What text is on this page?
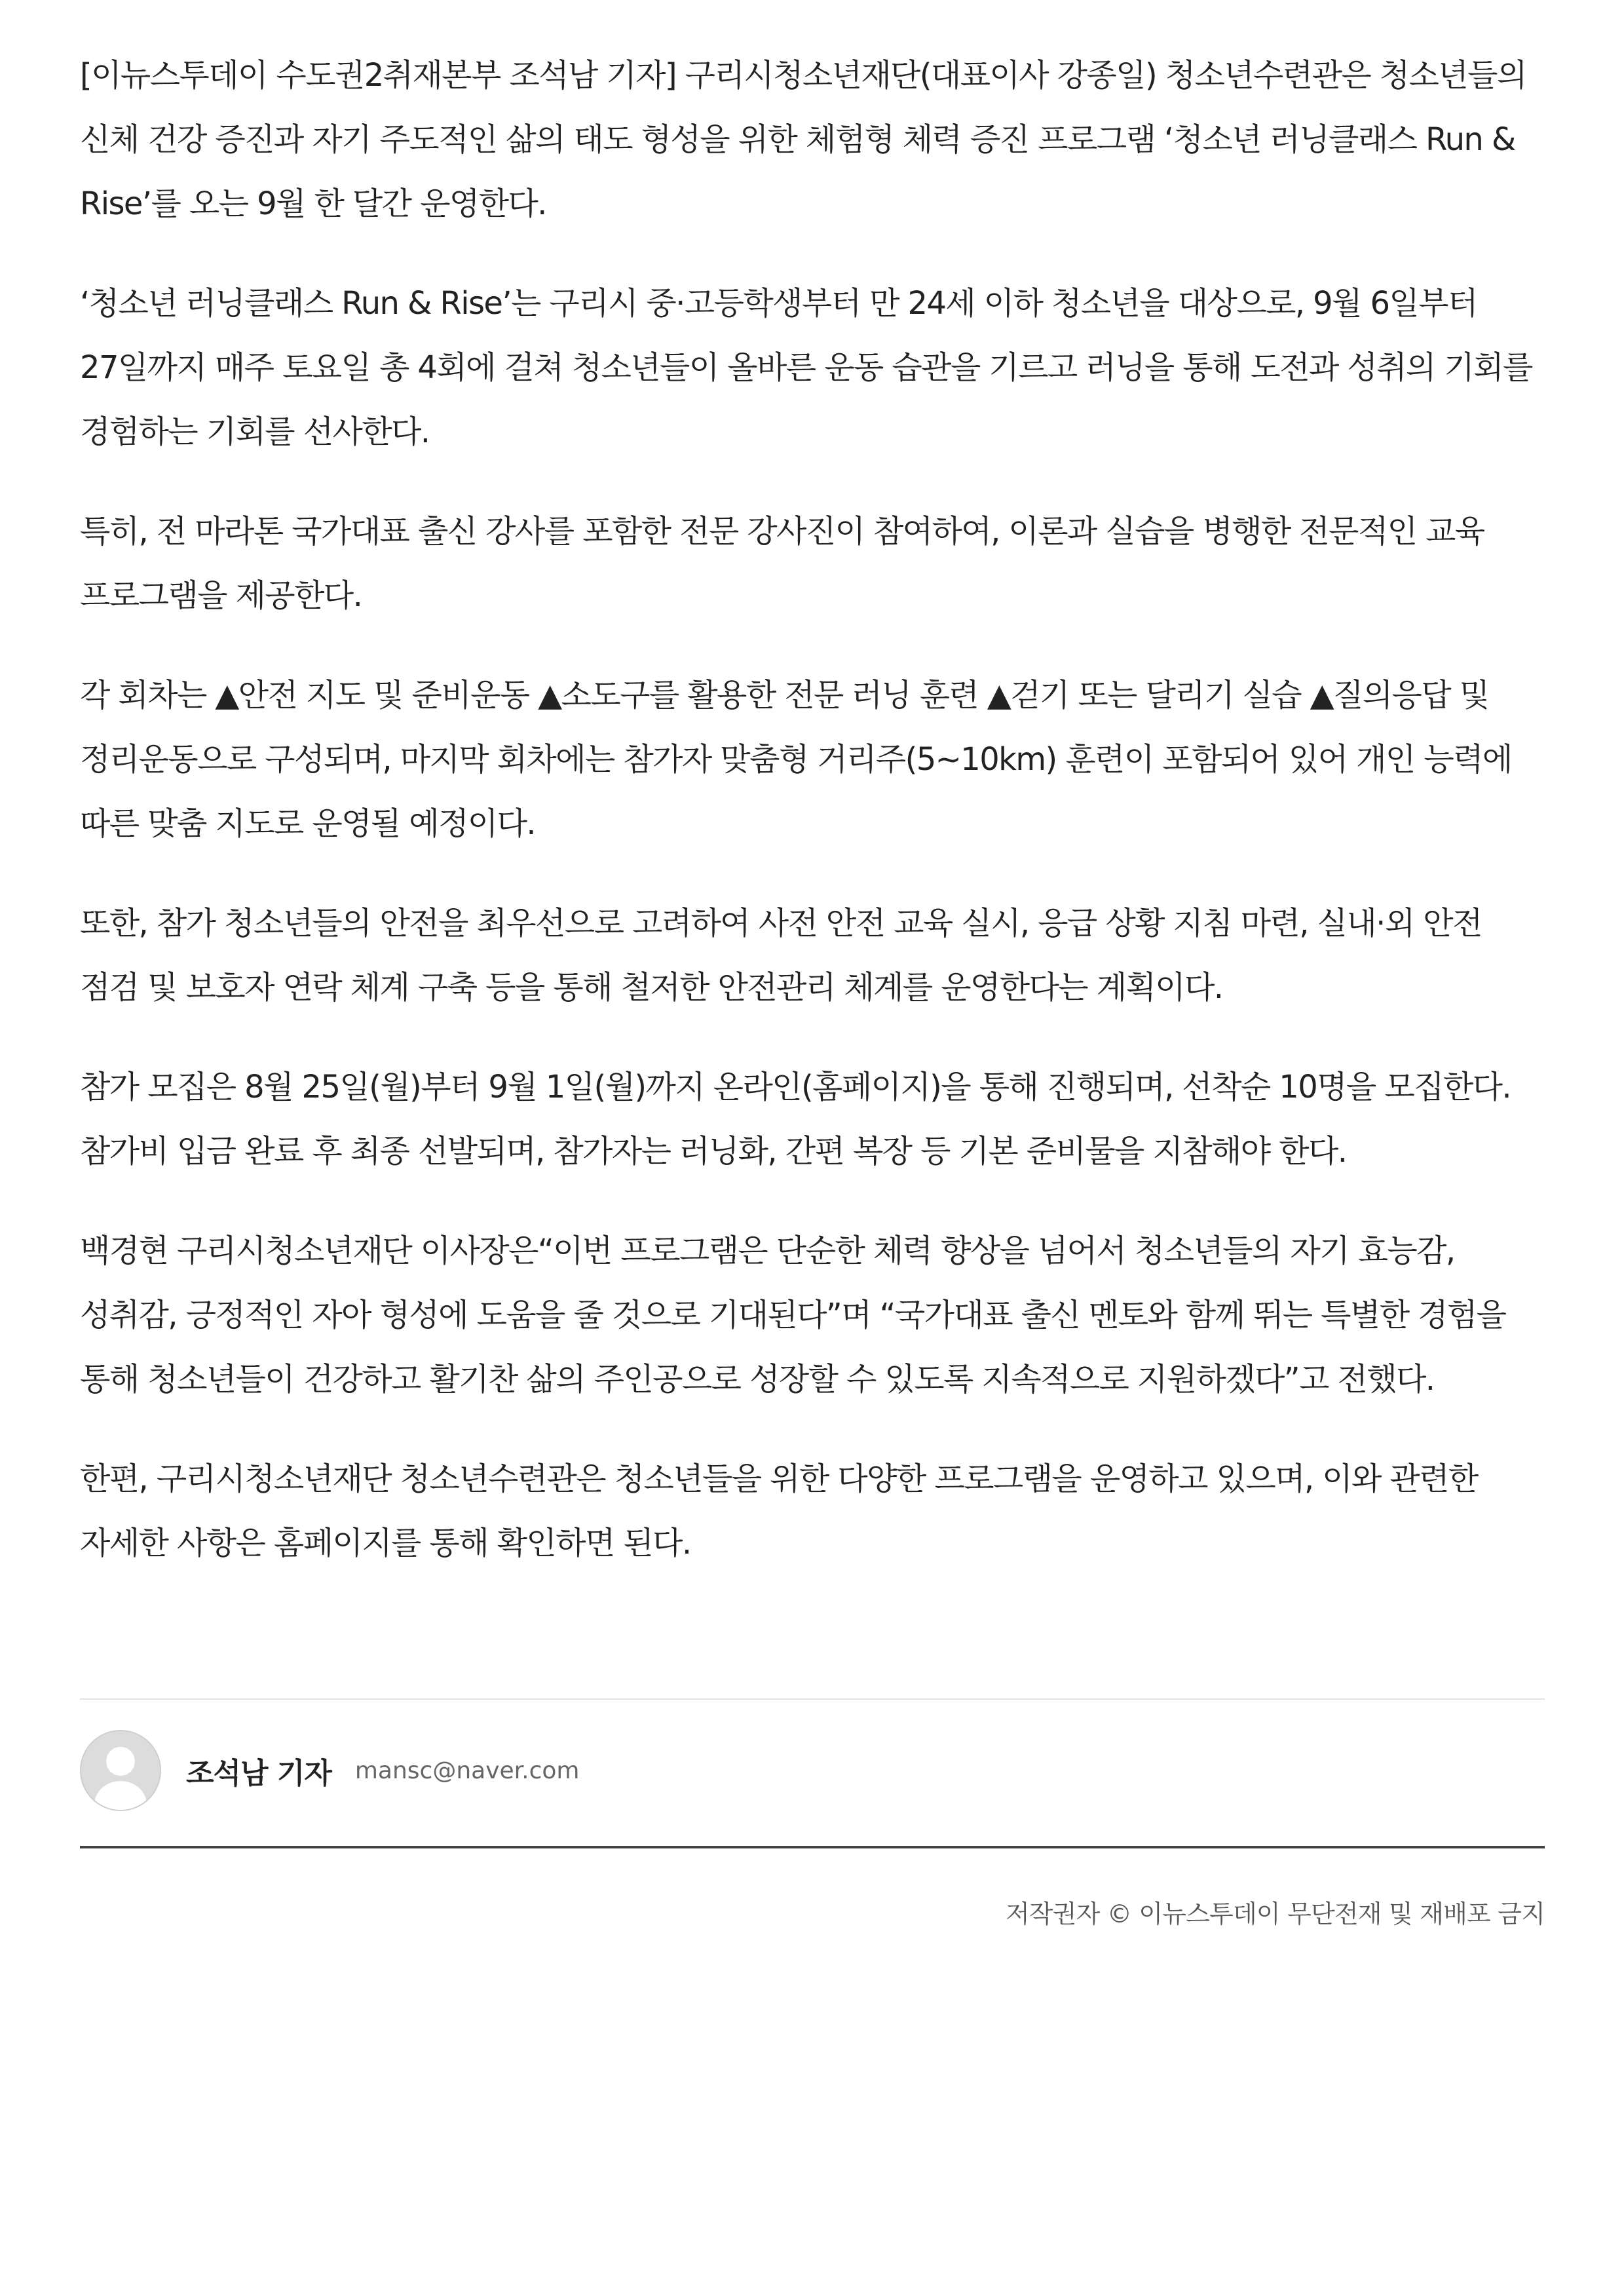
[이뉴스투데이 수도권2취재본부 조석남 기자] 구리시청소년재단(대표이사 강종일) 청소년수련관은 청소년들의 신체 건강 증진과 자기 주도적인 삶의 태도 형성을 위한 체험형 체력 증진 프로그램 ‘청소년 러닝클래스 Run & Rise’를 오는 9월 한 달간 운영한다.

‘청소년 러닝클래스 Run & Rise’는 구리시 중·고등학생부터 만 24세 이하 청소년을 대상으로, 9월 6일부터 27일까지 매주 토요일 총 4회에 걸쳐 청소년들이 올바른 운동 습관을 기르고 러닝을 통해 도전과 성취의 기회를 경험하는 기회를 선사한다.

특히, 전 마라톤 국가대표 출신 강사를 포함한 전문 강사진이 참여하여, 이론과 실습을 병행한 전문적인 교육 프로그램을 제공한다.

각 회차는 ▲안전 지도 및 준비운동 ▲소도구를 활용한 전문 러닝 훈련 ▲걷기 또는 달리기 실습 ▲질의응답 및 정리운동으로 구성되며, 마지막 회차에는 참가자 맞춤형 거리주(5~10km) 훈련이 포함되어 있어 개인 능력에 따른 맞춤 지도로 운영될 예정이다.

또한, 참가 청소년들의 안전을 최우선으로 고려하여 사전 안전 교육 실시, 응급 상황 지침 마련, 실내·외 안전 점검 및 보호자 연락 체계 구축 등을 통해 철저한 안전관리 체계를 운영한다는 계획이다.

참가 모집은 8월 25일(월)부터 9월 1일(월)까지 온라인(홈페이지)을 통해 진행되며, 선착순 10명을 모집한다. 참가비 입금 완료 후 최종 선발되며, 참가자는 러닝화, 간편 복장 등 기본 준비물을 지참해야 한다.

백경현 구리시청소년재단 이사장은“이번 프로그램은 단순한 체력 향상을 넘어서 청소년들의 자기 효능감, 성취감, 긍정적인 자아 형성에 도움을 줄 것으로 기대된다”며 “국가대표 출신 멘토와 함께 뛰는 특별한 경험을 통해 청소년들이 건강하고 활기찬 삶의 주인공으로 성장할 수 있도록 지속적으로 지원하겠다”고 전했다.

한편, 구리시청소년재단 청소년수련관은 청소년들을 위한 다양한 프로그램을 운영하고 있으며, 이와 관련한 자세한 사항은 홈페이지를 통해 확인하면 된다.

조석남 기자 mansc@naver.com
저작권자 © 이뉴스투데이 무단전재 및 재배포 금지
